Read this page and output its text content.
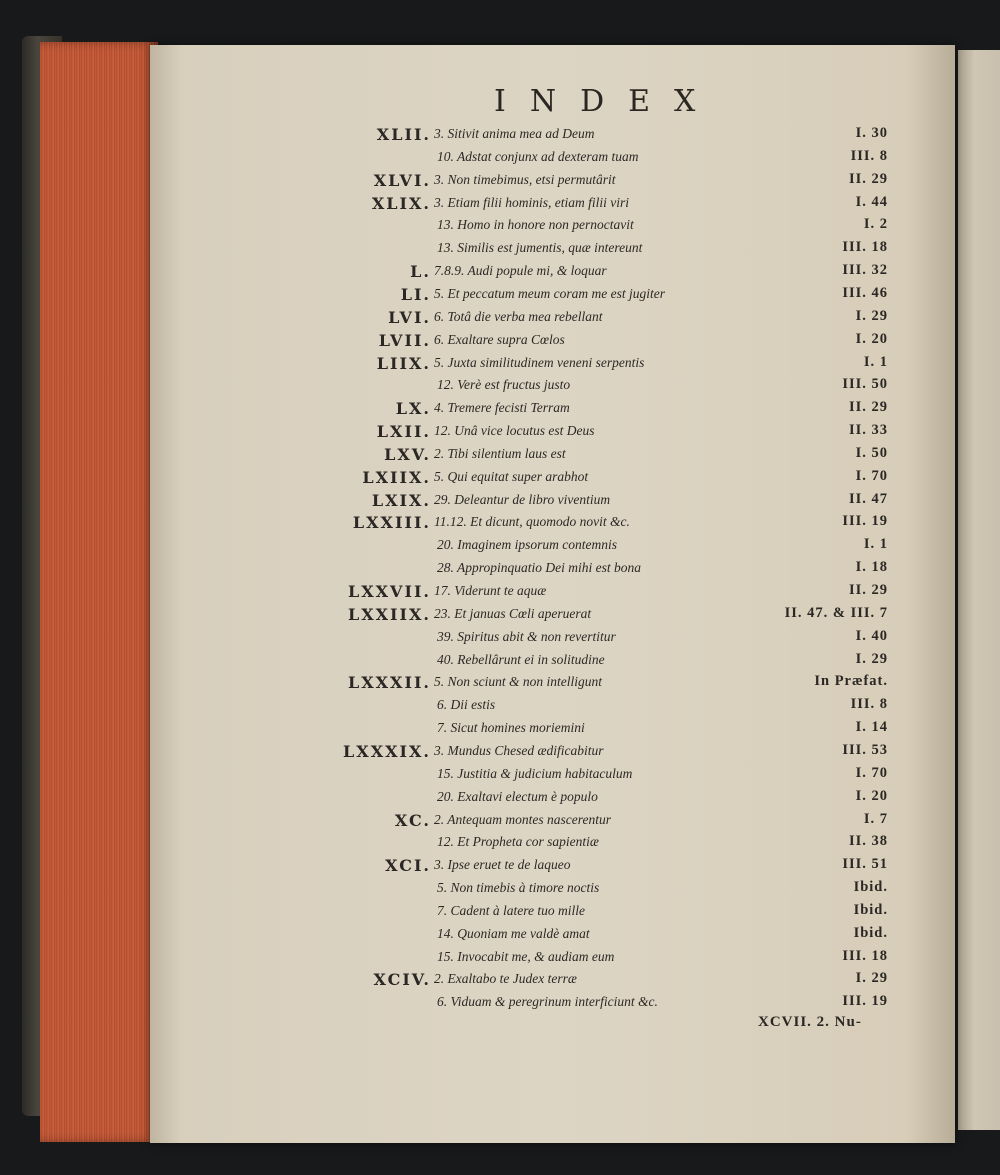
INDEX
XLII. 3. Sitivit anima mea ad Deum	I. 30
10. Adstat conjunx ad dexteram tuam	III. 8
XLVI. 3. Non timebimus, etsi permutârit	II. 29
XLIX. 3. Etiam filii hominis, etiam filii viri	I. 44
13. Homo in honore non pernoctavit	I. 2
13. Similis est jumentis, quæ intereunt	III. 18
L. 7.8.9. Audi popule mi, & loquar	III. 32
LI. 5. Et peccatum meum coram me est jugiter	III. 46
LVI. 6. Totâ die verba mea rebellant	I. 29
LVII. 6. Exaltare supra Cœlos	I. 20
LIIX. 5. Juxta similitudinem veneni serpentis	I. 1
12. Verè est fructus justo	III. 50
LX. 4. Tremere fecisti Terram	II. 29
LXII. 12. Unâ vice locutus est Deus	II. 33
LXV. 2. Tibi silentium laus est	I. 50
LXIIX. 5. Qui equitat super arabhot	I. 70
LXIX. 29. Deleantur de libro viventium	II. 47
LXXIII. 11.12. Et dicunt, quomodo novit &c.	III. 19
20. Imaginem ipsorum contemnis	I. 1
28. Appropinquatio Dei mihi est bona	I. 18
LXXVII. 17. Viderunt te aquæ	II. 29
LXXIIX. 23. Et januas Cœli aperuerat	II. 47. & III. 7
39. Spiritus abit & non revertitur	I. 40
40. Rebellârunt ei in solitudine	I. 29
LXXXII. 5. Non sciunt & non intelligunt	In Præfat.
6. Dii estis	III. 8
7. Sicut homines moriemini	I. 14
LXXXIX. 3. Mundus Chesed ædificabitur	III. 53
15. Justitia & judicium habitaculum	I. 70
20. Exaltavi electum è populo	I. 20
XC. 2. Antequam montes nascerentur	I. 7
12. Et Propheta cor sapientiæ	II. 38
XCI. 3. Ipse eruet te de laqueo	III. 51
5. Non timebis à timore noctis	Ibid.
7. Cadent à latere tuo mille	Ibid.
14. Quoniam me valdè amat	Ibid.
15. Invocabit me, & audiam eum	III. 18
XCIV. 2. Exaltabo te Judex terræ	I. 29
6. Viduam & peregrinum interficiunt &c.	III. 19
XCVII. 2. Nu-
